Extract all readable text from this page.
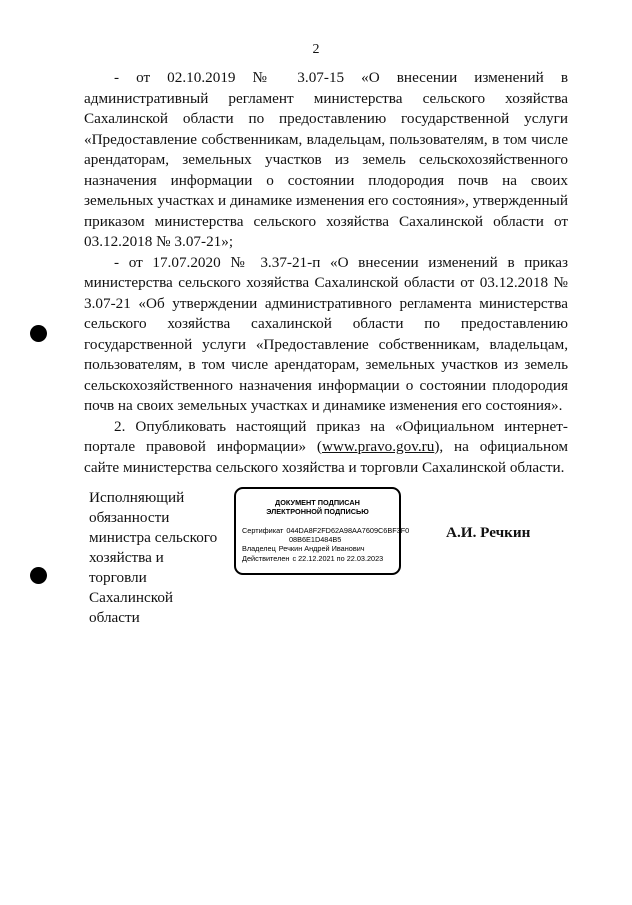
2

- от 02.10.2019 № 3.07-15 «О внесении изменений в административный регламент министерства сельского хозяйства Сахалинской области по предоставлению государственной услуги «Предоставление собственникам, владельцам, пользователям, в том числе арендаторам, земельных участков из земель сельскохозяйственного назначения информации о состоянии плодородия почв на своих земельных участках и динамике изменения его состояния», утвержденный приказом министерства сельского хозяйства Сахалинской области от 03.12.2018 № 3.07-21»;

- от 17.07.2020 № 3.37-21-п «О внесении изменений в приказ министерства сельского хозяйства Сахалинской области от 03.12.2018 № 3.07-21 «Об утверждении административного регламента министерства сельского хозяйства сахалинской области по предоставлению государственной услуги «Предоставление собственникам, владельцам, пользователям, в том числе арендаторам, земельных участков из земель сельскохозяйственного назначения информации о состоянии плодородия почв на своих земельных участках и динамике изменения его состояния».

2. Опубликовать настоящий приказ на «Официальном интернет-портале правовой информации» (www.pravo.gov.ru), на официальном сайте министерства сельского хозяйства и торговли Сахалинской области.

Исполняющий обязанности министра сельского хозяйства и торговли Сахалинской области
ДОКУМЕНТ ПОДПИСАН
ЭЛЕКТРОННОЙ ПОДПИСЬЮ
Сертификат 044DA8F2FD62A98AA7609C6BF3F0
08B6E1D484B5
Владелец Речкин Андрей Иванович
Действителен с 22.12.2021 по 22.03.2023
А.И. Речкин
